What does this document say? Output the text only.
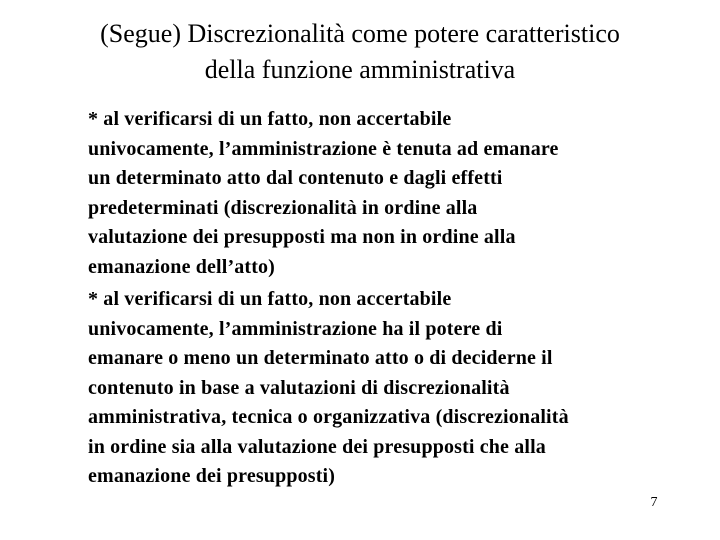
(Segue) Discrezionalità come potere caratteristico
della funzione amministrativa
* al verificarsi di un fatto, non accertabile
univocamente, l’amministrazione è tenuta ad emanare
un determinato atto dal contenuto e dagli effetti
predeterminati (discrezionalità in ordine alla
valutazione dei presupposti ma non in ordine alla
emanazione dell’atto)
* al verificarsi di un fatto, non accertabile
univocamente, l’amministrazione ha il potere di
emanare o meno un determinato atto o di deciderne il
contenuto in base a valutazioni di discrezionalità
amministrativa, tecnica o organizzativa (discrezionalità
in ordine sia alla valutazione dei presupposti che alla
emanazione dei presupposti)
7
